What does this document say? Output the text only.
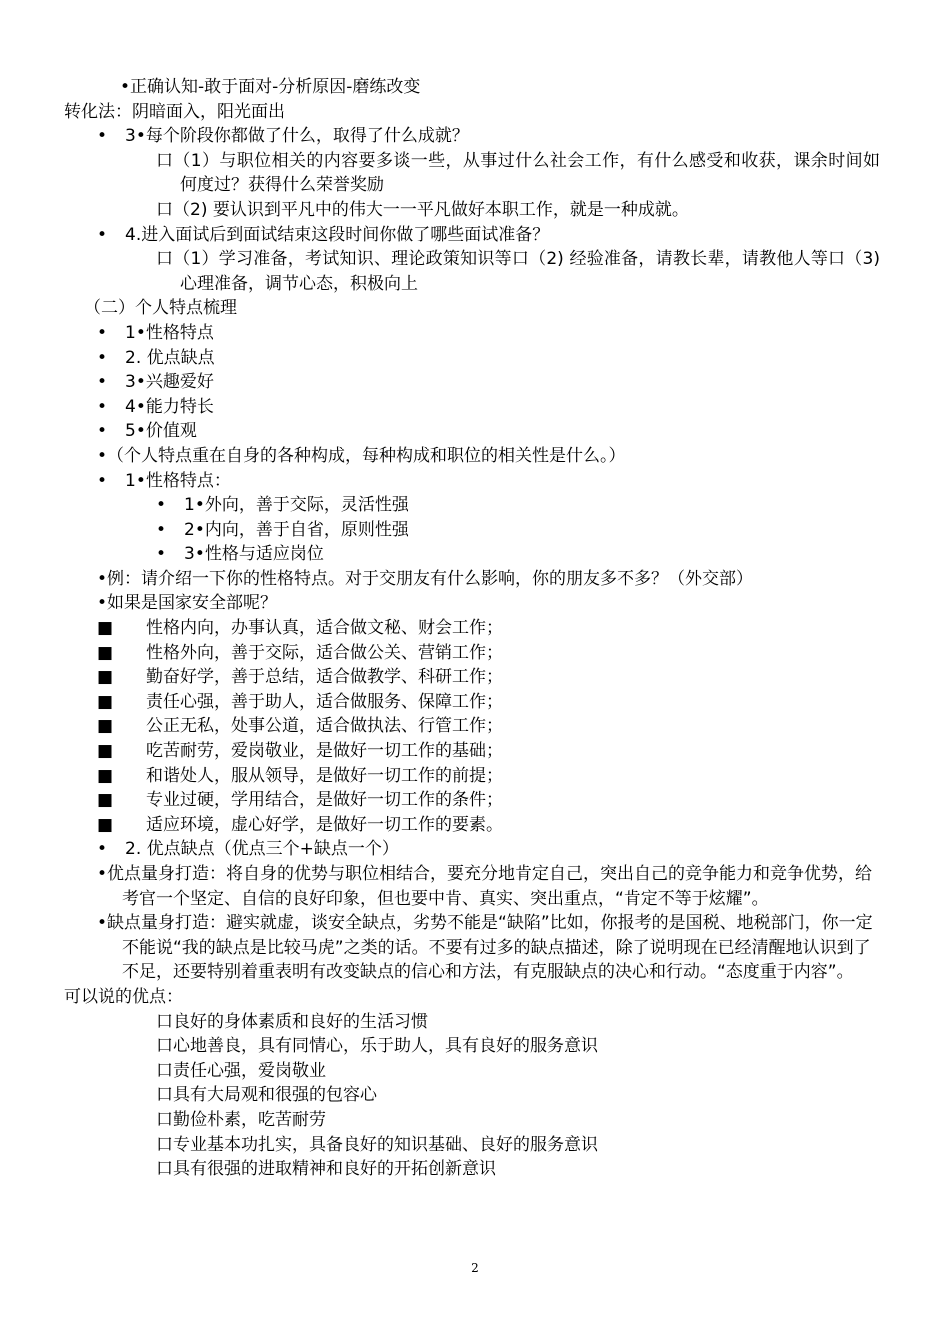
•正确认知-敢于面对-分析原因-磨练改变
转化法：阴暗面入，阳光面出
• 3•每个阶段你都做了什么，取得了什么成就？
口（1）与职位相关的内容要多谈一些，从事过什么社会工作，有什么感受和收获，课余时间如何度过？获得什么荣誉奖励
口（2) 要认识到平凡中的伟大一一平凡做好本职工作，就是一种成就。
• 4.进入面试后到面试结束这段时间你做了哪些面试准备？
口（1）学习准备，考试知识、理论政策知识等口（2) 经验准备，请教长辈，请教他人等口（3) 心理准备，调节心态，积极向上
（二）个人特点梳理
• 1•性格特点
• 2. 优点缺点
• 3•兴趣爱好
• 4•能力特长
• 5•价值观
•（个人特点重在自身的各种构成，每种构成和职位的相关性是什么。）
• 1•性格特点：
• 1•外向，善于交际，灵活性强
• 2•内向，善于自省，原则性强
• 3•性格与适应岗位
•例：请介绍一下你的性格特点。对于交朋友有什么影响，你的朋友多不多？（外交部）
•如果是国家安全部呢？
■ 性格内向，办事认真，适合做文秘、财会工作；
■ 性格外向，善于交际，适合做公关、营销工作；
■ 勤奋好学，善于总结，适合做教学、科研工作；
■ 责任心强，善于助人，适合做服务、保障工作；
■ 公正无私，处事公道，适合做执法、行管工作；
■ 吃苦耐劳，爱岗敬业，是做好一切工作的基础；
■ 和谐处人，服从领导，是做好一切工作的前提；
■ 专业过硬，学用结合，是做好一切工作的条件；
■ 适应环境，虚心好学，是做好一切工作的要素。
• 2. 优点缺点（优点三个+缺点一个）
•优点量身打造：将自身的优势与职位相结合，要充分地肯定自己，突出自己的竞争能力和竞争优势，给考官一个坚定、自信的良好印象，但也要中肯、真实、突出重点，“肯定不等于炫耀”。
•缺点量身打造：避实就虚，谈安全缺点，劣势不能是“缺陷”比如，你报考的是国税、地税部门，你一定不能说“我的缺点是比较马虎”之类的话。不要有过多的缺点描述，除了说明现在已经清醒地认识到了不足，还要特别着重表明有改变缺点的信心和方法，有克服缺点的决心和行动。“态度重于内容”。
可以说的优点：
口良好的身体素质和良好的生活习惯
口心地善良，具有同情心，乐于助人，具有良好的服务意识
口责任心强，爱岗敬业
口具有大局观和很强的包容心
口勤俭朴素，吃苦耐劳
口专业基本功扎实，具备良好的知识基础、良好的服务意识
口具有很强的进取精神和良好的开拓创新意识
2
